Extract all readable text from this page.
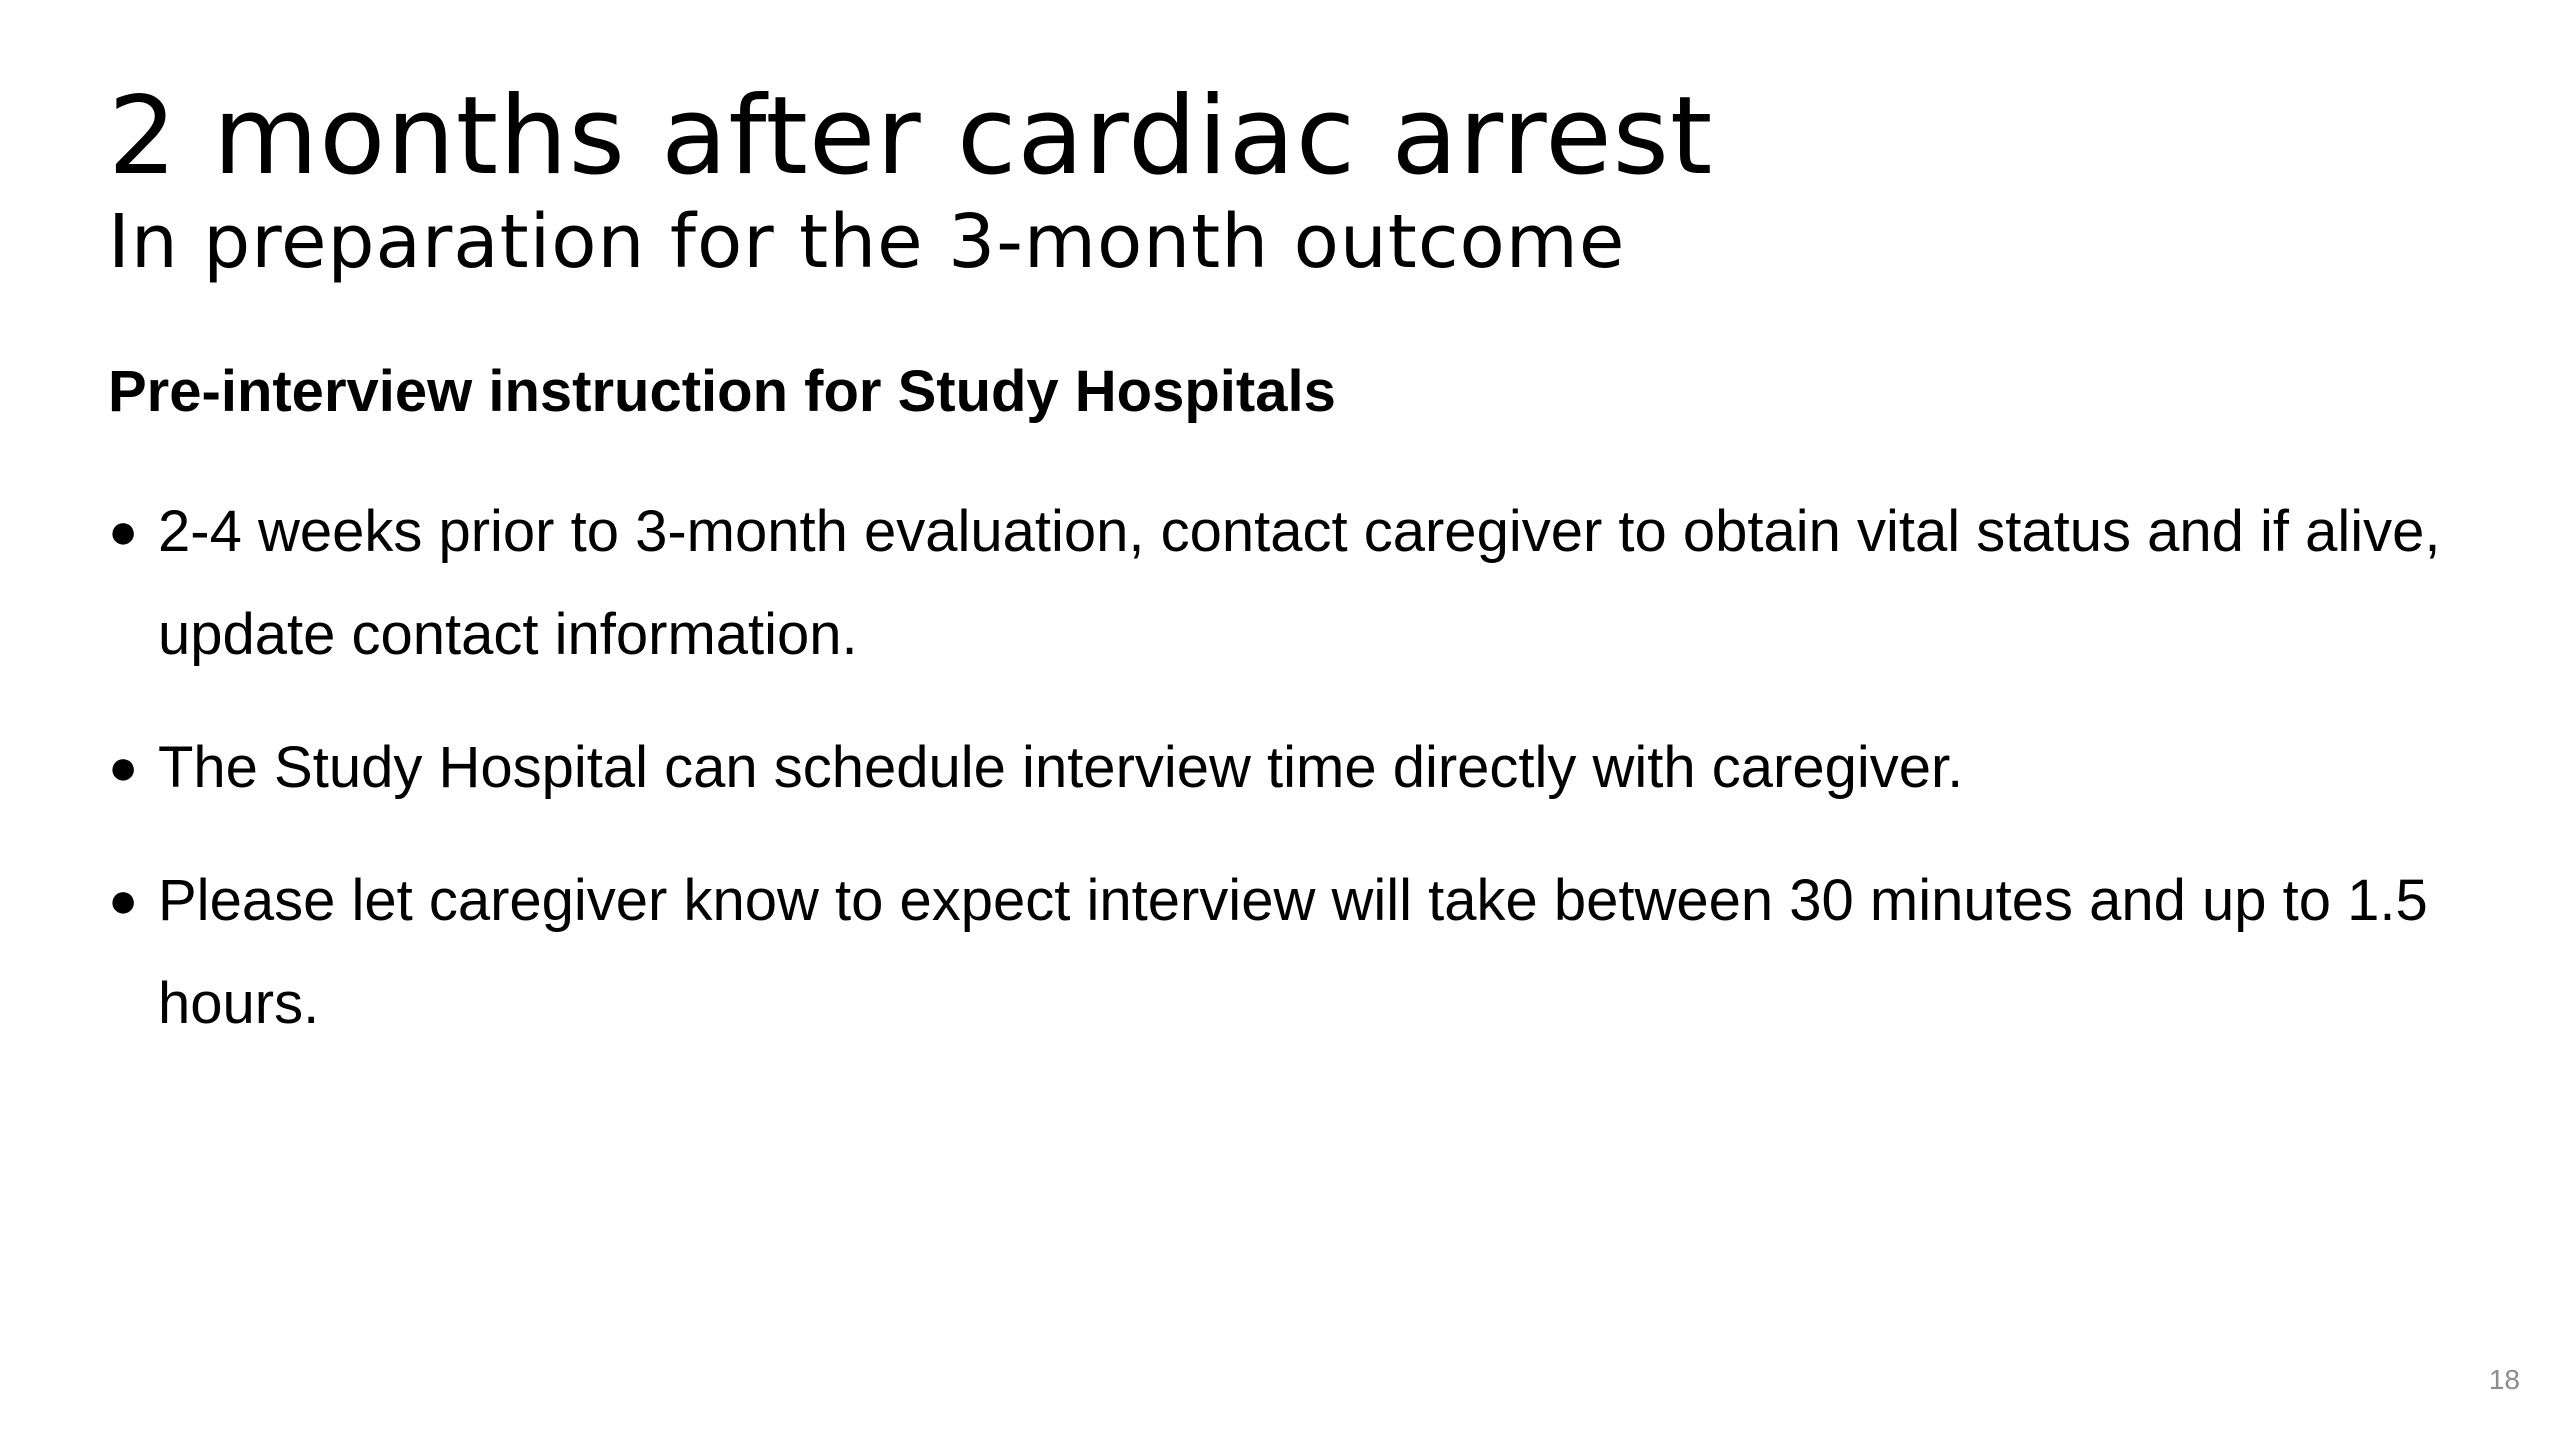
2 months after cardiac arrest
In preparation for the 3-month outcome
Pre-interview instruction for Study Hospitals
● 2-4 weeks prior to 3-month evaluation, contact caregiver to obtain vital status and if alive, update contact information.
● The Study Hospital can schedule interview time directly with caregiver.
● Please let caregiver know to expect interview will take between 30 minutes and up to 1.5 hours.
18
